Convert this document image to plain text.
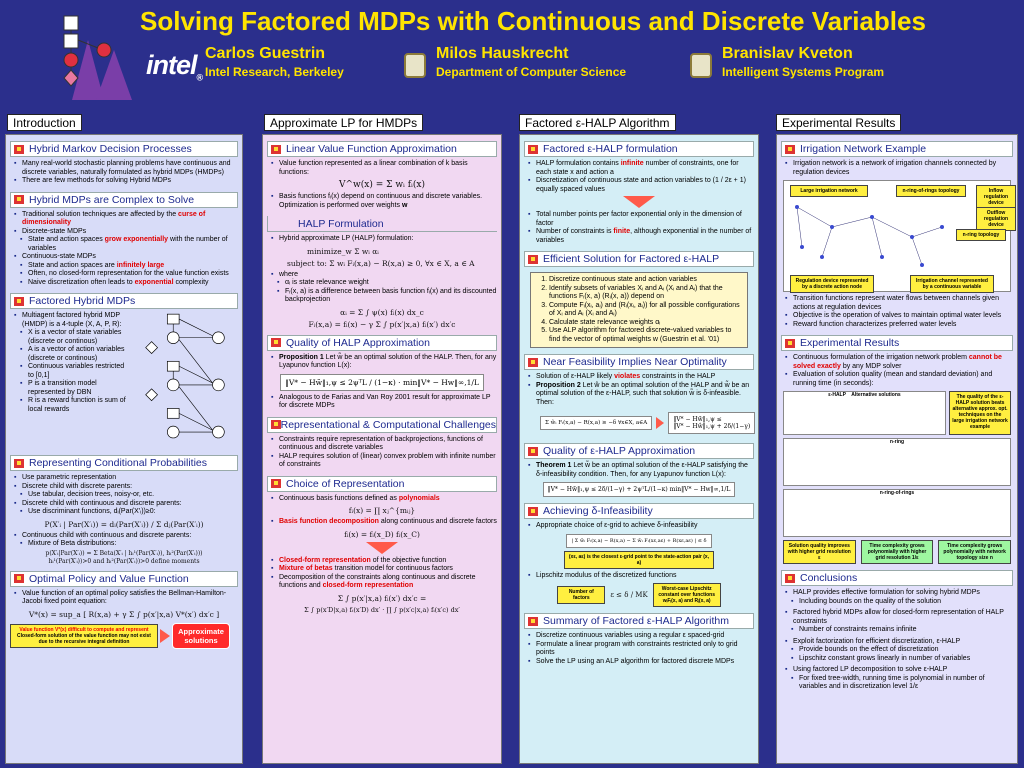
Solving Factored MDPs with Continuous and Discrete Variables
intel$_®$
Carlos Guestrin
Intel Research, Berkeley
Milos Hauskrecht
Department of Computer Science
Branislav Kveton
Intelligent Systems Program
Introduction	Approximate LP for HMDPs	Factored ε-HALP Algorithm	Experimental Results
Hybrid Markov Decision Processes
▪ Many real-world stochastic planning problems have continuous and discrete variables, naturally formulated as hybrid MDPs (HMDPs)
▪ There are few methods for solving Hybrid MDPs
Hybrid MDPs are Complex to Solve
▪ Traditional solution techniques are affected by the curse of dimensionality
▪ Discrete-state MDPs
▪ State and action spaces grow exponentially with the number of variables
▪ Continuous-state MDPs
▪ State and action spaces are infinitely large
▪ Often, no closed-form representation for the value function exists
▪ Naive discretization often leads to exponential complexity
Factored Hybrid MDPs
▪ Multiagent factored hybrid MDP (HMDP) is a 4-tuple (X, A, P, R):
▪ X is a vector of state variables (discrete or continous)
▪ A is a vector of action variables (discrete or continous)
▪ Continuous variables restricted to [0,1]
▪ P is a transition model represented by DBN
▪ R is a reward function is sum of local rewards
Representing Conditional Probabilities
▪ Use parametric representation
▪ Discrete child with discrete parents:
▪ Use tabular, decision trees, noisy-or, etc.
▪ Discrete child with continuous and discrete parents:
▪ Use discriminant functions, dᵢ(Par(X′ᵢ))≥0:
P(X′ᵢ | Par(X′ᵢ)) = dᵢ(Par(X′ᵢ)) / Σ dⱼ(Par(X′ᵢ))
▪ Continuous child with continuous and discrete parents:
▪ Mixture of Beta distributions:
p(X′ᵢ|Par(X′ᵢ)) = Σ Beta(X′ᵢ | hᵢ¹(Par(X′ᵢ)), hᵢ²(Par(X′ᵢ)))
hᵢ¹(Par(X′ᵢ))>0 and hᵢ²(Par(X′ᵢ))>0 define moments
Optimal Policy and Value Function
▪ Value function of an optimal policy satisfies the Bellman-Hamilton-Jacobi fixed point equation:
V*(x) = sup_a [ R(x,a) + γ Σ ∫ p(x′|x,a) V*(x′) dx′c ]
Value function V*(x) difficult to compute and represent
Closed-form solution of the value function may not exist due to the recursive integral definition
Approximate solutions
Linear Value Function Approximation
▪ Value function represented as a linear combination of k basis functions:
V^w(x) = Σ wᵢ fᵢ(x)
▪ Basis functions fᵢ(x) depend on continuous and discrete variables. Optimization is performed over weights w
HALP Formulation
▪ Hybrid approximate LP (HALP) formulation:
minimize_w Σ wᵢ αᵢ
subject to: Σ wᵢ Fᵢ(x,a) − R(x,a) ≥ 0, ∀x ∈ X, a ∈ A
▪ where
▪ αᵢ is state relevance weight
▪ Fᵢ(x, a) is a difference between basis function fᵢ(x) and its discounted backprojection
αᵢ = Σ ∫ ψ(x) fᵢ(x) dx_c
Fᵢ(x,a) = fᵢ(x) − γ Σ ∫ p(x′|x,a) fᵢ(x′) dx′c
Quality of HALP Approximation
▪ Proposition 1 Let w̃ be an optimal solution of the HALP. Then, for any Lyapunov function L(x):
‖V* − Hw̃‖₁,ψ ≤ 2ψᵀL / (1−κ) · min‖V* − Hw‖∞,1/L
▪ Analogous to de Farias and Van Roy 2001 result for approximate LP for discrete MDPs
Representational & Computational Challenges
▪ Constraints require representation of backprojections, functions of continuous and discrete variables
▪ HALP requires solution of (linear) convex problem with infinite number of constraints
Choice of Representation
▪ Continuous basis functions defined as polynomials
fᵢ(x) = ∏ xⱼ^{mᵢⱼ}
▪ Basis function decomposition along continuous and discrete factors
fᵢ(x) = fᵢ(x_D) fᵢ(x_C)
▪ Closed-form representation of the objective function
▪ Mixture of betas transition model for continuous factors
▪ Decomposition of the constraints along continuous and discrete functions and closed-form representation
Σ ∫ p(x′|x,a) fᵢ(x′) dx′c =
Σ ∫ p(x′D|x,a) fᵢ(x′D) dx′ · ∏ ∫ p(x′c|x,a) fᵢ(x′c) dx′
Factored ε-HALP formulation
▪ HALP formulation contains infinite number of constraints, one for each state x and action a
▪ Discretization of continuous state and action variables to (1 / 2ε + 1) equally spaced values
▪ Total number points per factor exponential only in the dimension of factor
▪ Number of constraints is finite, although exponential in the number of variables
Efficient Solution for Factored ε-HALP
1. Discretize continuous state and action variables
2. Identify subsets of variables Xᵢ and Aᵢ (Xᵢ and Aᵢ) that the functions Fᵢ(x, a) (Rᵢ(x, a)) depend on
3. Compute Fᵢ(xᵢ, aᵢ) and (Rᵢ(xᵢ, aᵢ)) for all possible configurations of Xᵢ and Aᵢ (Xᵢ and Aᵢ)
4. Calculate state relevance weights αᵢ
5. Use ALP algorithm for factored discrete-valued variables to find the vector of optimal weights w (Guestrin et al. '01)
Near Feasibility Implies Near Optimality
▪ Solution of ε-HALP likely violates constraints in the HALP
▪ Proposition 2 Let ŵ be an optimal solution of the HALP and w̃ be an optimal solution of the ε-HALP, such that solution w̃ is δ-infeasible. Then:
Σ w̃ᵢ Fᵢ(x,a) − R(x,a) ≥ −δ ∀x∈X, a∈A	‖V* − Hw̃‖₁,ψ ≤
‖V* − Hŵ‖₁,ψ + 2δ/(1−γ)
Quality of ε-HALP Approximation
▪ Theorem 1 Let w̃ be an optimal solution of the ε-HALP satisfying the δ-infeasibility condition. Then, for any Lyapunov function L(x):
‖V* − Hw̃‖₁,ψ ≤ 2δ/(1−γ) + 2ψᵀL/(1−κ) min‖V* − Hw‖∞,1/L
Achieving δ-Infeasibility
▪ Appropriate choice of ε-grid to achieve δ-infeasibility
| Σ w̃ᵢ Fᵢ(x,a) − R(x,a) − Σ w̃ᵢ Fᵢ(xε,aε) + R(xε,aε) | ≤ δ
(xε, aε) is the closest ε-grid point to the state-action pair (x, a)
▪ Lipschitz modulus of the discretized functions
Number of factors	ε ≤ δ / MK
Worst-case Lipschitz constant over functions wᵢFᵢ(x, a) and Rⱼ(x, a)
Summary of Factored ε-HALP Algorithm
▪ Discretize continuous variables using a regular ε spaced-grid
▪ Formulate a linear program with constraints restricted only to grid points
▪ Solve the LP using an ALP algorithm for factored discrete MDPs
Irrigation Network Example
▪ Irrigation network is a network of irrigation channels connected by regulation devices
Large irrigation network	n-ring-of-rings topology	Inflow regulation device
Outflow regulation device
n-ring topology
Regulation device represented by a discrete action node
Irrigation channel represented by a continuous variable
▪ Transition functions represent water flows between channels given actions at regulation devices
▪ Objective is the operation of valves to maintain optimal water levels
▪ Reward function characterizes preferred water levels
Experimental Results
▪ Continuous formulation of the irrigation network problem cannot be solved exactly by any MDP solver
▪ Evaluation of solution quality (mean and standard deviation) and running time (in seconds):
ε-HALP Alternative solutions	The quality of the ε-HALP solution beats alternative approx. opt. techniques on the large irrigation network example
n-ring
n-ring-of-rings
Solution quality improves with higher grid resolution ε
Time complexity grows polynomially with higher grid resolution 1/ε
Time complexity grows polynomially with network topology size n
Conclusions
▪ HALP provides effective formulation for solving hybrid MDPs
▪ Including bounds on the quality of the solution
▪ Factored hybrid MDPs allow for closed-form representation of HALP constraints
▪ Number of constraints remains infinite
▪ Exploit factorization for efficient discretization, ε-HALP
▪ Provide bounds on the effect of discretization
▪ Lipschitz constant grows linearly in number of variables
▪ Using factored LP decomposition to solve ε-HALP
▪ For fixed tree-width, running time is polynomial in number of variables and in discretization level 1/ε
